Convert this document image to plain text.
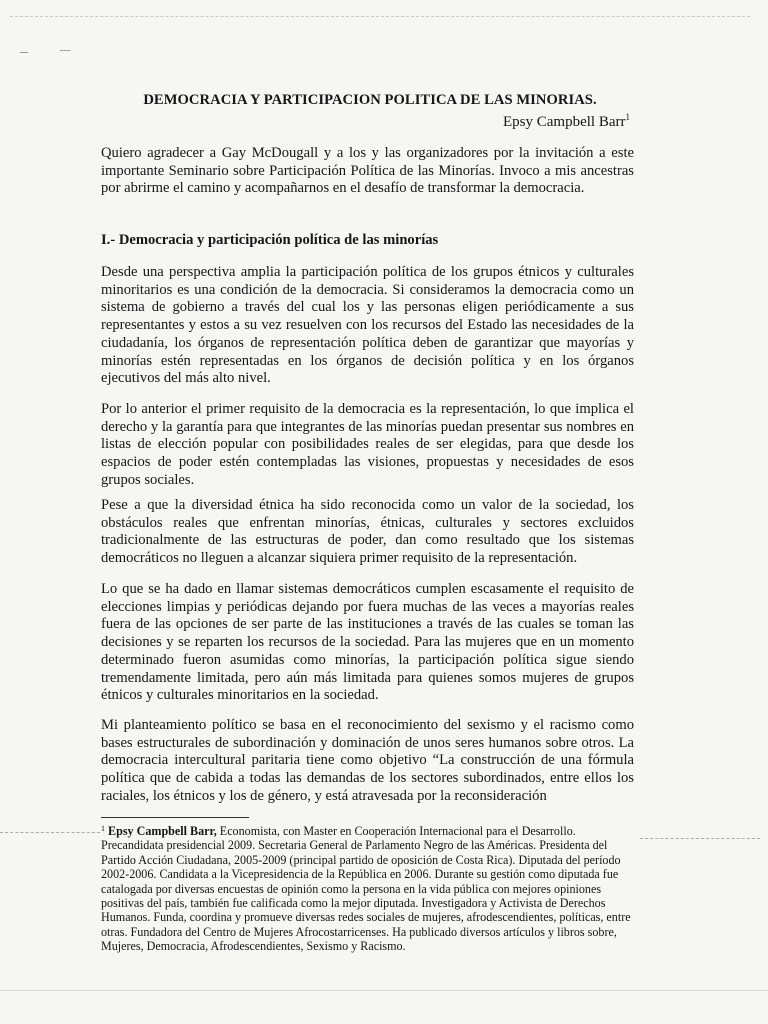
DEMOCRACIA Y PARTICIPACION POLITICA DE LAS MINORIAS.
Epsy Campbell Barr$^1$

Quiero agradecer a Gay McDougall y a los y las organizadores por la invitación a este importante Seminario sobre Participación Política de las Minorías. Invoco a mis ancestras por abrirme el camino y acompañarnos en el desafío de transformar la democracia.

I.- Democracia y participación política de las minorías

Desde una perspectiva amplia la participación política de los grupos étnicos y culturales minoritarios es una condición de la democracia. Si consideramos la democracia como un sistema de gobierno a través del cual los y las personas eligen periódicamente a sus representantes y estos a su vez resuelven con los recursos del Estado las necesidades de la ciudadanía, los órganos de representación política deben de garantizar que mayorías y minorías estén representadas en los órganos de decisión política y en los órganos ejecutivos del más alto nivel.

Por lo anterior el primer requisito de la democracia es la representación, lo que implica el derecho y la garantía para que integrantes de las minorías puedan presentar sus nombres en listas de elección popular con posibilidades reales de ser elegidas, para que desde los espacios de poder estén contempladas las visiones, propuestas y necesidades de esos grupos sociales.

Pese a que la diversidad étnica ha sido reconocida como un valor de la sociedad, los obstáculos reales que enfrentan minorías, étnicas, culturales y sectores excluidos tradicionalmente de las estructuras de poder, dan como resultado que los sistemas democráticos no lleguen a alcanzar siquiera primer requisito de la representación.

Lo que se ha dado en llamar sistemas democráticos cumplen escasamente el requisito de elecciones limpias y periódicas dejando por fuera muchas de las veces a mayorías reales fuera de las opciones de ser parte de las instituciones a través de las cuales se toman las decisiones y se reparten los recursos de la sociedad. Para las mujeres que en un momento determinado fueron asumidas como minorías, la participación política sigue siendo tremendamente limitada, pero aún más limitada para quienes somos mujeres de grupos étnicos y culturales minoritarios en la sociedad.

Mi planteamiento político se basa en el reconocimiento del sexismo y el racismo como bases estructurales de subordinación y dominación de unos seres humanos sobre otros. La democracia intercultural paritaria tiene como objetivo “La construcción de una fórmula política que de cabida a todas las demandas de los sectores subordinados, entre ellos los raciales, los étnicos y los de género, y está atravesada por la reconsideración

$^1$ Epsy Campbell Barr, Economista, con Master en Cooperación Internacional para el Desarrollo. Precandidata presidencial 2009. Secretaria General de Parlamento Negro de las Américas. Presidenta del Partido Acción Ciudadana, 2005-2009 (principal partido de oposición de Costa Rica). Diputada del período 2002-2006. Candidata a la Vicepresidencia de la República en 2006. Durante su gestión como diputada fue catalogada por diversas encuestas de opinión como la persona en la vida pública con mejores opiniones positivas del país, también fue calificada como la mejor diputada. Investigadora y Activista de Derechos Humanos. Funda, coordina y promueve diversas redes sociales de mujeres, afrodescendientes, políticas, entre otras. Fundadora del Centro de Mujeres Afrocostarricenses. Ha publicado diversos artículos y libros sobre, Mujeres, Democracia, Afrodescendientes, Sexismo y Racismo.
